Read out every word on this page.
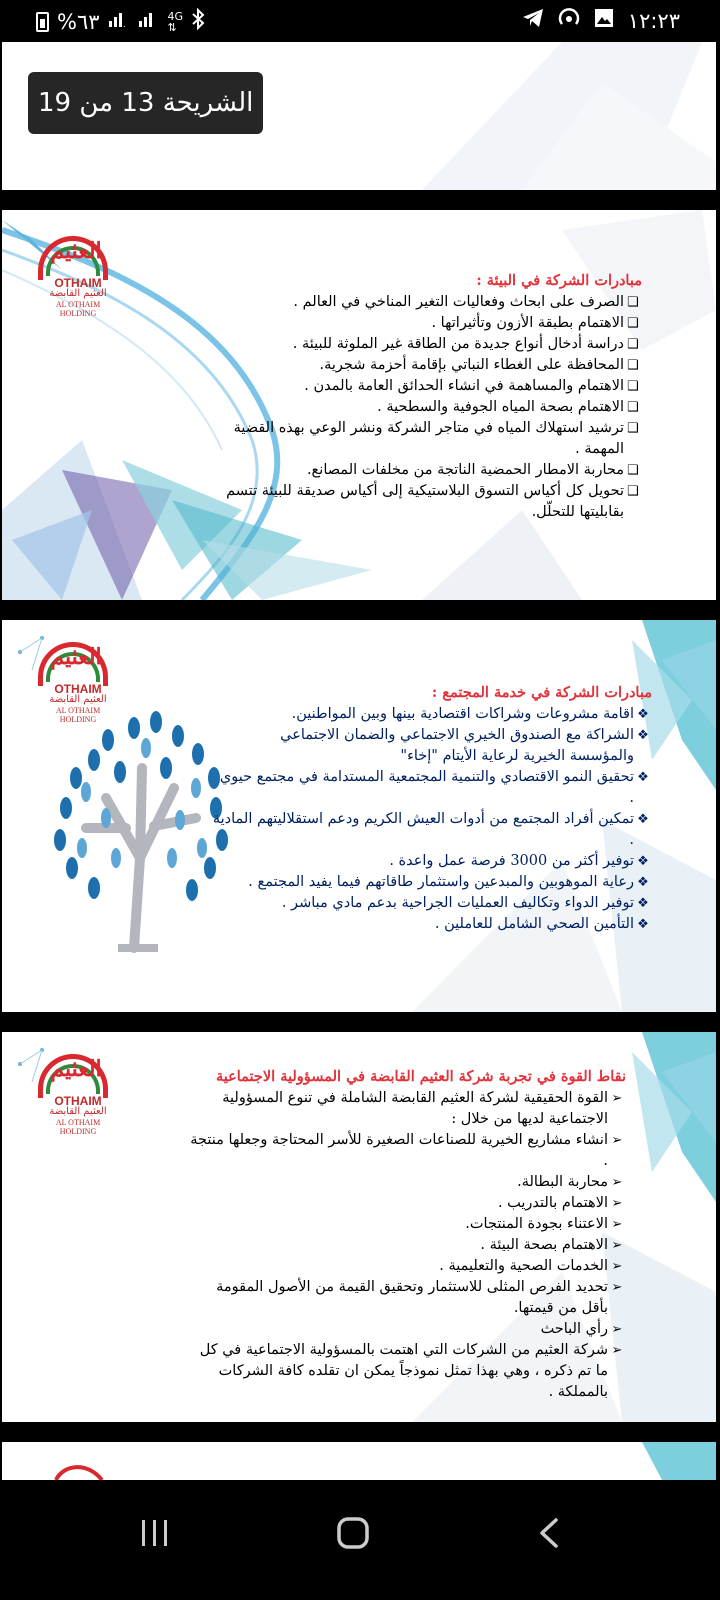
%٦٣	.
4G
⇅	١٢:٢٣
العثيم
OTHAIM
العثيم القابضة
AL OTHAIM HOLDING
مبادرات الشركة في البيئة :
❑
الصرف على ابحاث وفعاليات التغير المناخي في العالم .
❑
الاهتمام بطبقة الأزون وتأثيراتها .
❑
دراسة أدخال أنواع جديدة من الطاقة غير الملوثة للبيئة .
❑
المحافظة على الغطاء النباتي بإقامة أحزمة شجرية.
❑
الاهتمام والمساهمة في انشاء الحدائق العامة بالمدن .
❑
الاهتمام بصحة المياه الجوفية والسطحية .
❑
ترشيد استهلاك المياه في متاجر الشركة ونشر الوعي بهذه القضية المهمة .
❑
محاربة الامطار الحمضية الناتجة من مخلفات المصانع.
❑
تحويل كل أكياس التسوق البلاستيكية إلى أكياس صديقة للبيئة تتسم بقابليتها للتحلّل.
العثيم
OTHAIM
العثيم القابضة
AL OTHAIM HOLDING
مبادرات الشركة في خدمة المجتمع :
❖
اقامة مشروعات وشراكات اقتصادية بينها وبين المواطنين.
❖
الشراكة مع الصندوق الخيري الاجتماعي والضمان الاجتماعي والمؤسسة الخيرية لرعاية الأيتام "إخاء"
❖
تحقيق النمو الاقتصادي والتنمية المجتمعية المستدامة في مجتمع حيوي .
❖
تمكين أفراد المجتمع من أدوات العيش الكريم ودعم استقلاليتهم المادية .
❖
توفير أكثر من 3000 فرصة عمل واعدة .
❖
رعاية الموهوبين والمبدعين واستثمار طاقاتهم فيما يفيد المجتمع .
❖
توفير الدواء وتكاليف العمليات الجراحية بدعم مادي مباشر .
❖
التأمين الصحي الشامل للعاملين .
العثيم
OTHAIM
العثيم القابضة
AL OTHAIM HOLDING
نقاط القوة في تجربة شركة العثيم القابضة في المسؤولية الاجتماعية
➢
القوة الحقيقية لشركة العثيم القابضة الشاملة في تنوع المسؤولية الاجتماعية لديها من خلال :
➢
انشاء مشاريع الخيرية للصناعات الصغيرة للأسر المحتاجة وجعلها منتجة .
➢
محاربة البطالة.
➢
الاهتمام بالتدريب .
➢
الاعتناء بجودة المنتجات.
➢
الاهتمام بصحة البيئة .
➢
الخدمات الصحية والتعليمية .
➢
تحديد الفرص المثلى للاستثمار وتحقيق القيمة من الأصول المقومة بأقل من قيمتها.
➢
رأي الباحث
➢
شركة العثيم من الشركات التي اهتمت بالمسؤولية الاجتماعية في كل ما تم ذكره ، وهي بهذا تمثل نموذجاً يمكن ان تقلده كافة الشركات بالمملكة .
الشريحة 13 من 19
